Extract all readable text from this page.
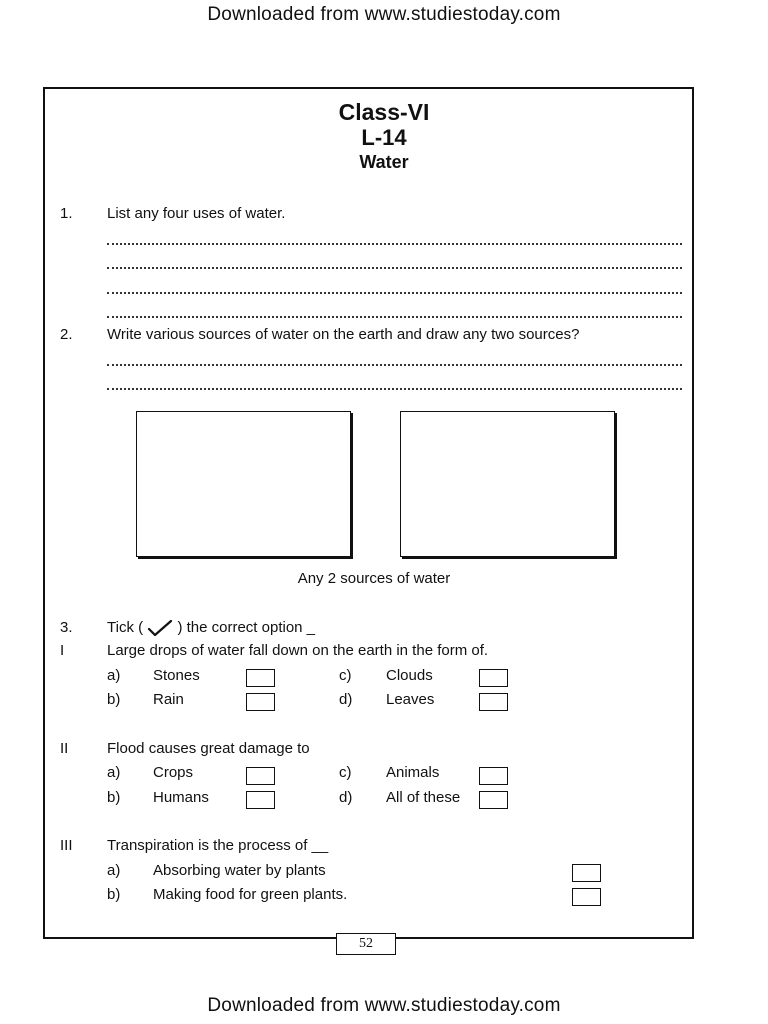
Downloaded from www.studiestoday.com
Class-VI
L-14
Water
1. List any four uses of water.
2. Write various sources of water on the earth and draw any two sources?
Any 2 sources of water
3. Tick ( ) the correct option _
I	Large drops of water fall down on the earth in the form of.
a) Stones	c) Clouds
b) Rain	d) Leaves
II	Flood causes great damage to
a) Crops	c) Animals
b) Humans	d) All of these
III Transpiration is the process of __
a) Absorbing water by plants
b) Making food for green plants.
52
Downloaded from www.studiestoday.com
